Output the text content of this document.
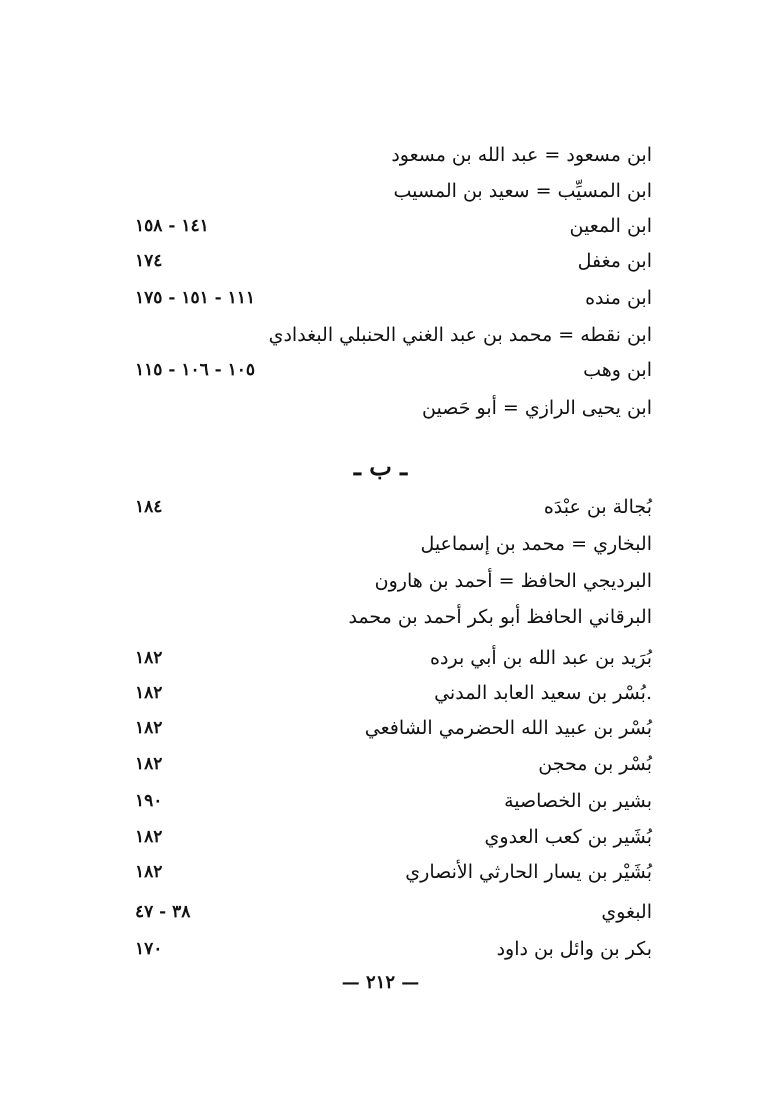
ابن مسعود = عبد الله بن مسعود
ابن المسيِّب = سعيد بن المسيب
ابن المعين
١٤١ - ١٥٨
ابن مغفل
١٧٤
ابن منده
١١١ - ١٥١ - ١٧٥
ابن نقطه = محمد بن عبد الغني الحنبلي البغدادي
ابن وهب
١٠٥ - ١٠٦ - ١١٥
ابن يحيى الرازي = أبو حَصين
ـ ب ـ
بُجالة بن عبْدَه
١٨٤
البخاري = محمد بن إسماعيل
البرديجي الحافظ = أحمد بن هارون
البرقاني الحافظ أبو بكر أحمد بن محمد
بُرَيد بن عبد الله بن أبي برده
١٨٢
.بُسْر بن سعيد العابد المدني
١٨٢
بُسْر بن عبيد الله الحضرمي الشافعي
١٨٢
بُسْر بن محجن
١٨٢
بشير بن الخصاصية
١٩٠
بُشَير بن كعب العدوي
١٨٢
بُشَيْر بن يسار الحارثي الأنصاري
١٨٢
البغوي
٣٨ - ٤٧
بكر بن وائل بن داود
١٧٠
— ٢١٢ —
